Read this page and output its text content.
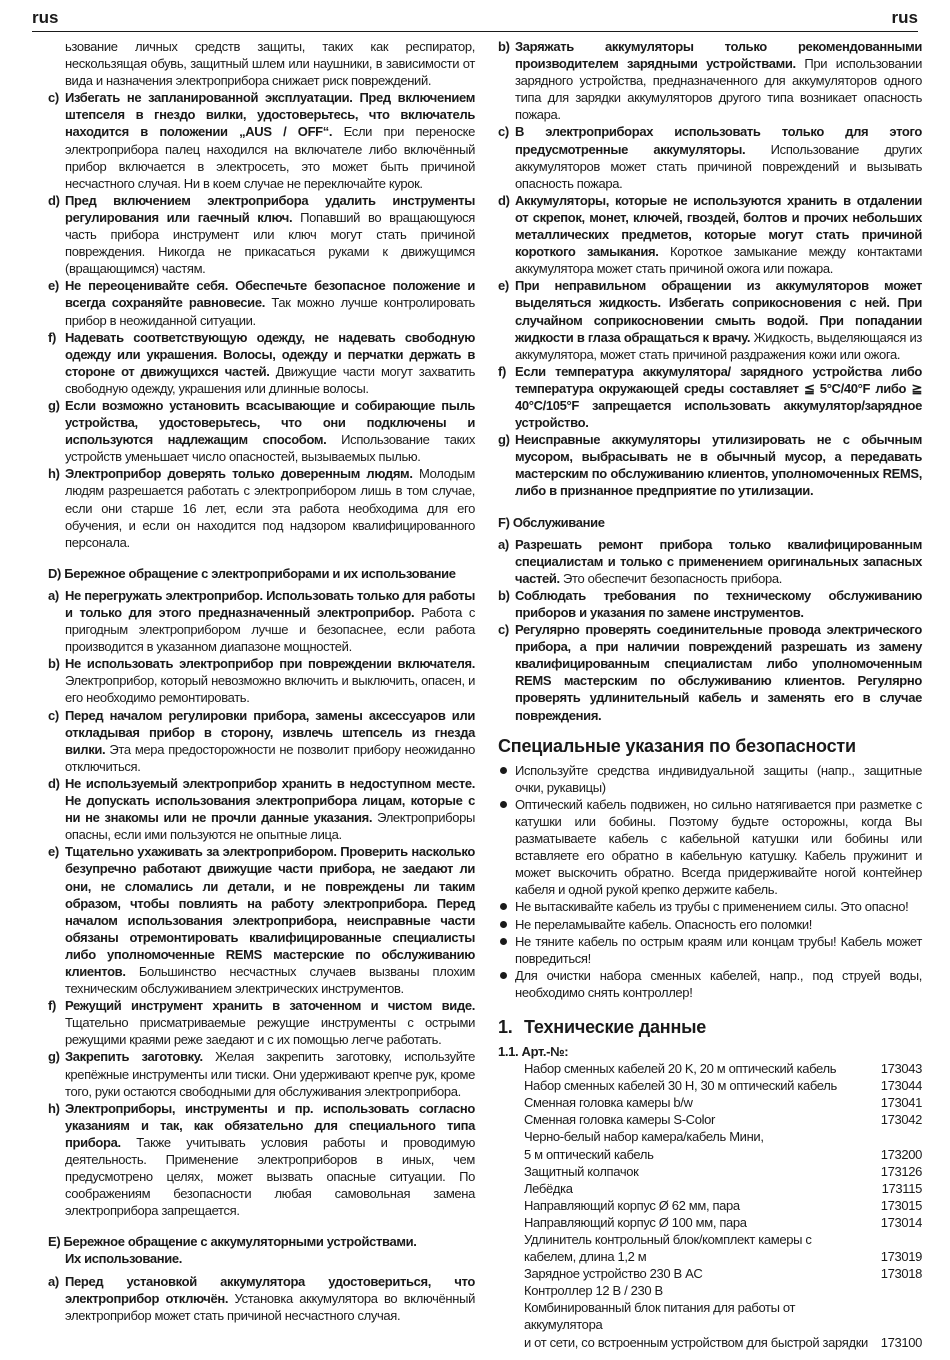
rus	rus
ьзование личных средств защиты, таких как респиратор, нескользящая обувь, защитный шлем или наушники, в зависимости от вида и назначения электроприбора снижает риск повреждений.
c) Избегать не запланированной эксплуатации. Пред включением штепселя в гнездо вилки, удостоверьтесь, что включатель находится в положении „AUS / OFF“. Если при переноске электроприбора палец находился на включателе либо включённый прибор включается в электросеть, это может быть причиной несчастного случая. Ни в коем случае не переключайте курок.
d) Пред включением электроприбора удалить инструменты регулирования или гаечный ключ. Попавший во вращающуюся часть прибора инструмент или ключ могут стать причиной повреждения. Никогда не прикасаться руками к движущимся (вращающимся) частям.
e) Не переоценивайте себя. Обеспечьте безопасное положение и всегда сохраняйте равновесие. Так можно лучше контролировать прибор в неожиданной ситуации.
f) Надевать соответствующую одежду, не надевать свободную одежду или украшения. Волосы, одежду и перчатки держать в стороне от движущихся частей. Движущие части могут захватить свободную одежду, украшения или длинные волосы.
g) Если возможно установить всасывающие и собирающие пыль устройства, удостоверьтесь, что они подключены и используются надлежащим способом. Использование таких устройств уменьшает число опасностей, вызываемых пылью.
h) Электроприбор доверять только доверенным людям. Молодым людям разрешается работать с электроприбором лишь в том случае, если они старше 16 лет, если эта работа необходима для его обучения, и если он находится под надзором квалифицированного персонала.
D) Бережное обращение с электроприборами и их использование
a) Не перегружать электроприбор. Использовать только для работы и только для этого предназначенный электроприбор. Работа с пригодным электроприбором лучше и безопаснее, если работа производится в указанном диапазоне мощностей.
b) Не использовать электроприбор при повреждении включателя. Электроприбор, который невозможно включить и выключить, опасен, и его необходимо ремонтировать.
c) Перед началом регулировки прибора, замены аксессуаров или откладывая прибор в сторону, извлечь штепсель из гнезда вилки. Эта мера предосторожности не позволит прибору неожиданно отключиться.
d) Не используемый электроприбор хранить в недоступном месте. Не допускать использования электроприбора лицам, которые с ни не знакомы или не прочли данные указания. Электроприборы опасны, если ими пользуются не опытные лица.
e) Тщательно ухаживать за электроприбором. Проверить насколько безупречно работают движущие части прибора, не заедают ли они, не сломались ли детали, и не повреждены ли таким образом, чтобы повлиять на работу электроприбора. Перед началом использования электроприбора, неисправные части обязаны отремонтировать квалифицированные специалисты либо уполномоченные REMS мастерские по обслуживанию клиентов. Большинство несчастных случаев вызваны плохим техническим обслуживанием электрических инструментов.
f) Режущий инструмент хранить в заточенном и чистом виде. Тщательно присматриваемые режущие инструменты с острыми режущими краями реже заедают и с их помощью легче работать.
g) Закрепить заготовку. Желая закрепить заготовку, используйте крепёжные инструменты или тиски. Они удерживают крепче рук, кроме того, руки остаются свободными для обслуживания электроприбора.
h) Электроприборы, инструменты и пр. использовать согласно указаниям и так, как обязательно для специального типа прибора. Также учитывать условия работы и проводимую деятельность. Применение электроприборов в иных, чем предусмотрено целях, может вызвать опасные ситуации. По соображениям безопасности любая самовольная замена электроприбора запрещается.
E) Бережное обращение с аккумуляторными устройствами.
Их использование.
a) Перед установкой аккумулятора удостовериться, что электроприбор отключён. Установка аккумулятора во включённый электроприбор может стать причиной несчастного случая.
b) Заряжать аккумуляторы только рекомендованными производителем зарядными устройствами. При использовании зарядного устройства, предназначенного для аккумуляторов одного типа для зарядки аккумуляторов другого типа возникает опасность пожара.
c) В электроприборах использовать только для этого предусмотренные аккумуляторы. Использование других аккумуляторов может стать причиной повреждений и вызывать опасность пожара.
d) Аккумуляторы, которые не используются хранить в отдалении от скрепок, монет, ключей, гвоздей, болтов и прочих небольших металлических предметов, которые могут стать причиной короткого замыкания. Короткое замыкание между контактами аккумулятора может стать причиной ожога или пожара.
e) При неправильном обращении из аккумуляторов может выделяться жидкость. Избегать соприкосновения с ней. При случайном соприкосновении смыть водой. При попадании жидкости в глаза обращаться к врачу. Жидкость, выделяющаяся из аккумулятора, может стать причиной раздражения кожи или ожога.
f) Если температура аккумулятора/ зарядного устройства либо температура окружающей среды составляет ≦ 5°C/40°F либо ≧ 40°C/105°F запрещается использовать аккумулятор/зарядное устройство.
g) Неисправные аккумуляторы утилизировать не с обычным мусором, выбрасывать не в обычный мусор, а передавать мастерским по обслуживанию клиентов, уполномоченных REMS, либо в признанное предприятие по утилизации.
F) Обслуживание
a) Разрешать ремонт прибора только квалифицированным специалистам и только с применением оригинальных запасных частей. Это обеспечит безопасность прибора.
b) Соблюдать требования по техническому обслуживанию приборов и указания по замене инструментов.
c) Регулярно проверять соединительные провода электрического прибора, а при наличии повреждений разрешать из замену квалифицированным специалистам либо уполномоченным REMS мастерским по обслуживанию клиентов. Регулярно проверять удлинительный кабель и заменять его в случае повреждения.
Специальные указания по безопасности
Используйте средства индивидуальной защиты (напр., защитные очки, рукавицы)
Оптический кабель подвижен, но сильно натягивается при разметке с катушки или бобины. Поэтому будьте осторожны, когда Вы разматываете кабель с кабельной катушки или бобины или вставляете его обратно в кабельную катушку. Кабель пружинит и может выскочить обратно. Всегда придерживайте ногой контейнер кабеля и одной рукой крепко держите кабель.
Не вытаскивайте кабель из трубы с применением силы. Это опасно!
Не переламывайте кабель. Опасность его поломки!
Не тяните кабель по острым краям или концам трубы! Кабель может повредиться!
Для очистки набора сменных кабелей, напр., под струей воды, необходимо снять контроллер!
1. Технические данные
1.1. Арт.-№:
Набор сменных кабелей 20 K, 20 м оптический кабель	173043
Набор сменных кабелей 30 H, 30 м оптический кабель	173044
Сменная головка камеры b/w	173041
Сменная головка камеры S-Color	173042
Черно-белый набор камера/кабель Мини,	
5 м оптический кабель	173200
Защитный колпачок	173126
Лебёдка	173115
Направляющий корпус Ø 62 мм, пара	173015
Направляющий корпус Ø 100 мм, пара	173014
Удлинитель контрольный блок/комплект камеры с	
кабелем, длина 1,2 м	173019
Зарядное устройство 230 В AC	173018
Контроллер 12 В / 230 В	
Комбинированный блок питания для работы от аккумулятора	
и от сети, со встроенным устройством для быстрой зарядки	173100
